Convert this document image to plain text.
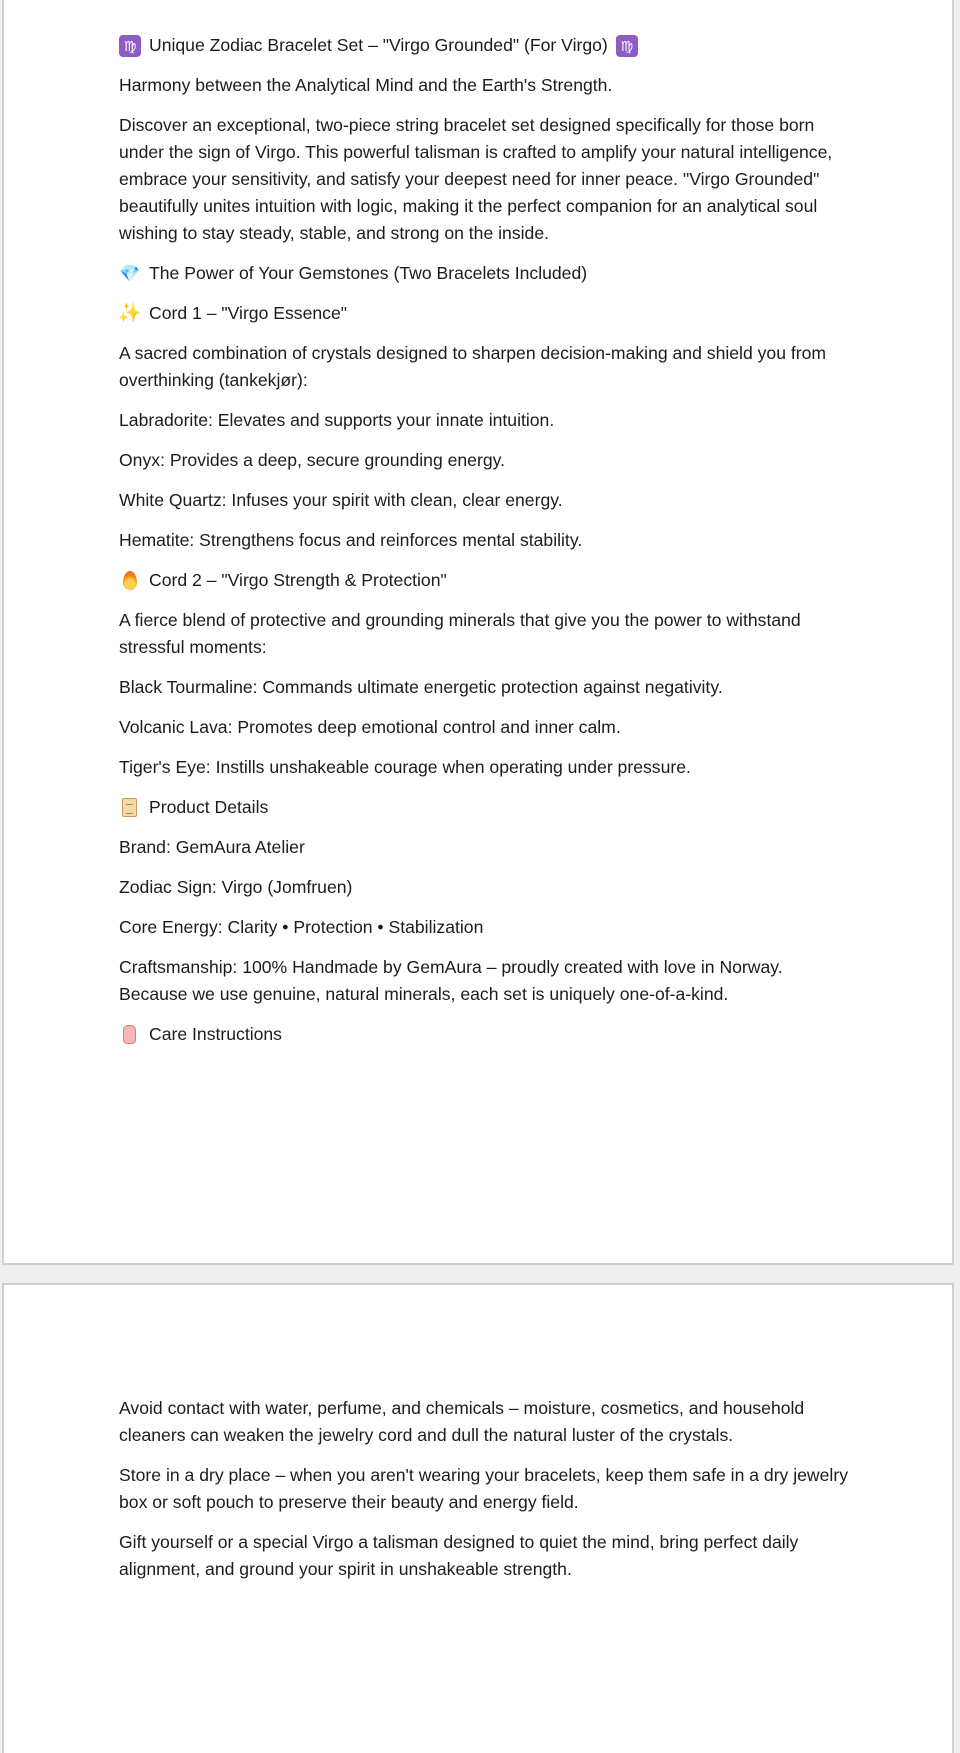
♍ Unique Zodiac Bracelet Set – "Virgo Grounded" (For Virgo) ♍

Harmony between the Analytical Mind and the Earth's Strength.

Discover an exceptional, two-piece string bracelet set designed specifically for those born under the sign of Virgo. This powerful talisman is crafted to amplify your natural intelligence, embrace your sensitivity, and satisfy your deepest need for inner peace. "Virgo Grounded" beautifully unites intuition with logic, making it the perfect companion for an analytical soul wishing to stay steady, stable, and strong on the inside.

💎 The Power of Your Gemstones (Two Bracelets Included)

✨ Cord 1 – "Virgo Essence"

A sacred combination of crystals designed to sharpen decision-making and shield you from overthinking (tankekjør):

Labradorite: Elevates and supports your innate intuition.

Onyx: Provides a deep, secure grounding energy.

White Quartz: Infuses your spirit with clean, clear energy.

Hematite: Strengthens focus and reinforces mental stability.

Cord 2 – "Virgo Strength & Protection"

A fierce blend of protective and grounding minerals that give you the power to withstand stressful moments:

Black Tourmaline: Commands ultimate energetic protection against negativity.

Volcanic Lava: Promotes deep emotional control and inner calm.

Tiger's Eye: Instills unshakeable courage when operating under pressure.

Product Details

Brand: GemAura Atelier

Zodiac Sign: Virgo (Jomfruen)

Core Energy: Clarity • Protection • Stabilization

Craftsmanship: 100% Handmade by GemAura – proudly created with love in Norway. Because we use genuine, natural minerals, each set is uniquely one-of-a-kind.

Care Instructions

Avoid contact with water, perfume, and chemicals – moisture, cosmetics, and household cleaners can weaken the jewelry cord and dull the natural luster of the crystals.

Store in a dry place – when you aren't wearing your bracelets, keep them safe in a dry jewelry box or soft pouch to preserve their beauty and energy field.

Gift yourself or a special Virgo a talisman designed to quiet the mind, bring perfect daily alignment, and ground your spirit in unshakeable strength.
